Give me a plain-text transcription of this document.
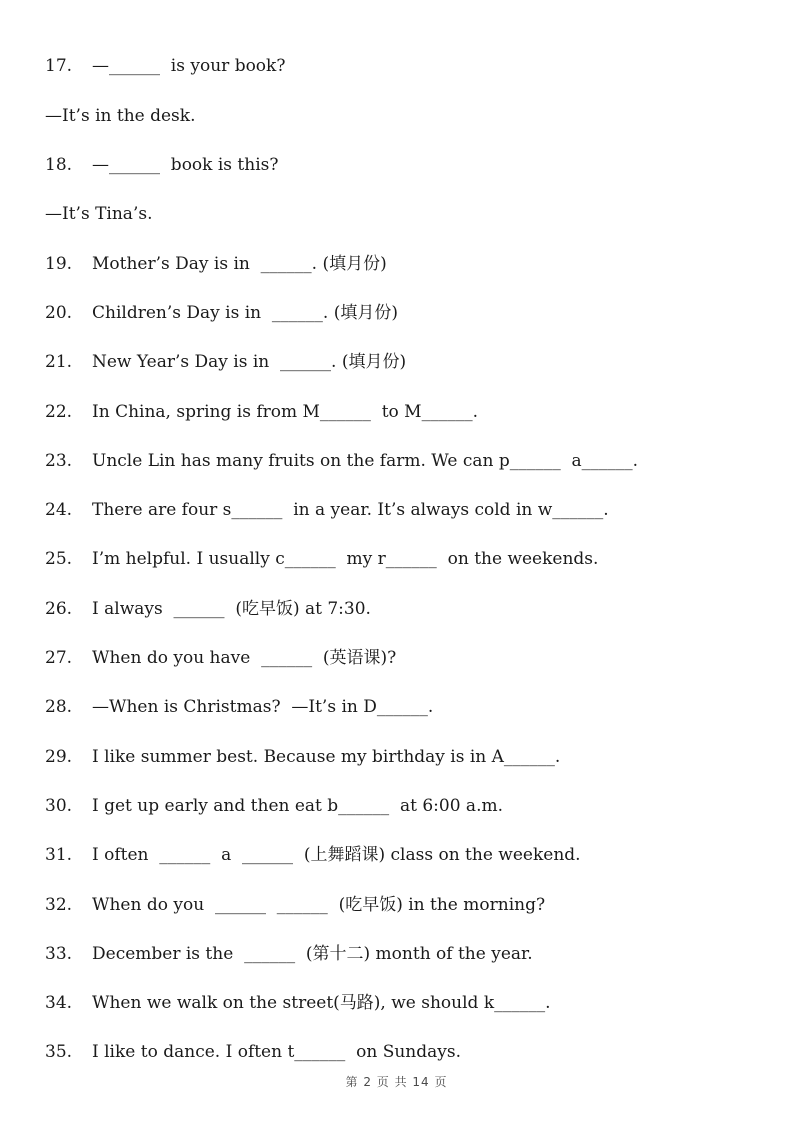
17.	—______  is your book?
—It’s in the desk.
18.	—______  book is this?
—It’s Tina’s.
19.	Mother’s Day is in  ______. (填月份)
20.	Children’s Day is in  ______. (填月份)
21.	New Year’s Day is in  ______. (填月份)
22.	In China, spring is from M______  to M______.
23.	Uncle Lin has many fruits on the farm. We can p______  a______.
24.	There are four s______  in a year. It’s always cold in w______.
25.	I’m helpful. I usually c______  my r______  on the weekends.
26.	I always  ______  (吃早饭) at 7:30.
27.	When do you have  ______  (英语课)?
28.	—When is Christmas?  —It’s in D______.
29.	I like summer best. Because my birthday is in A______.
30.	I get up early and then eat b______  at 6:00 a.m.
31.	I often  ______  a  ______  (上舞蹈课) class on the weekend.
32.	When do you  ______  ______  (吃早饭) in the morning?
33.	December is the  ______  (第十二) month of the year.
34.	When we walk on the street(马路), we should k______.
35.	I like to dance. I often t______  on Sundays.
第 2 页 共 14 页
